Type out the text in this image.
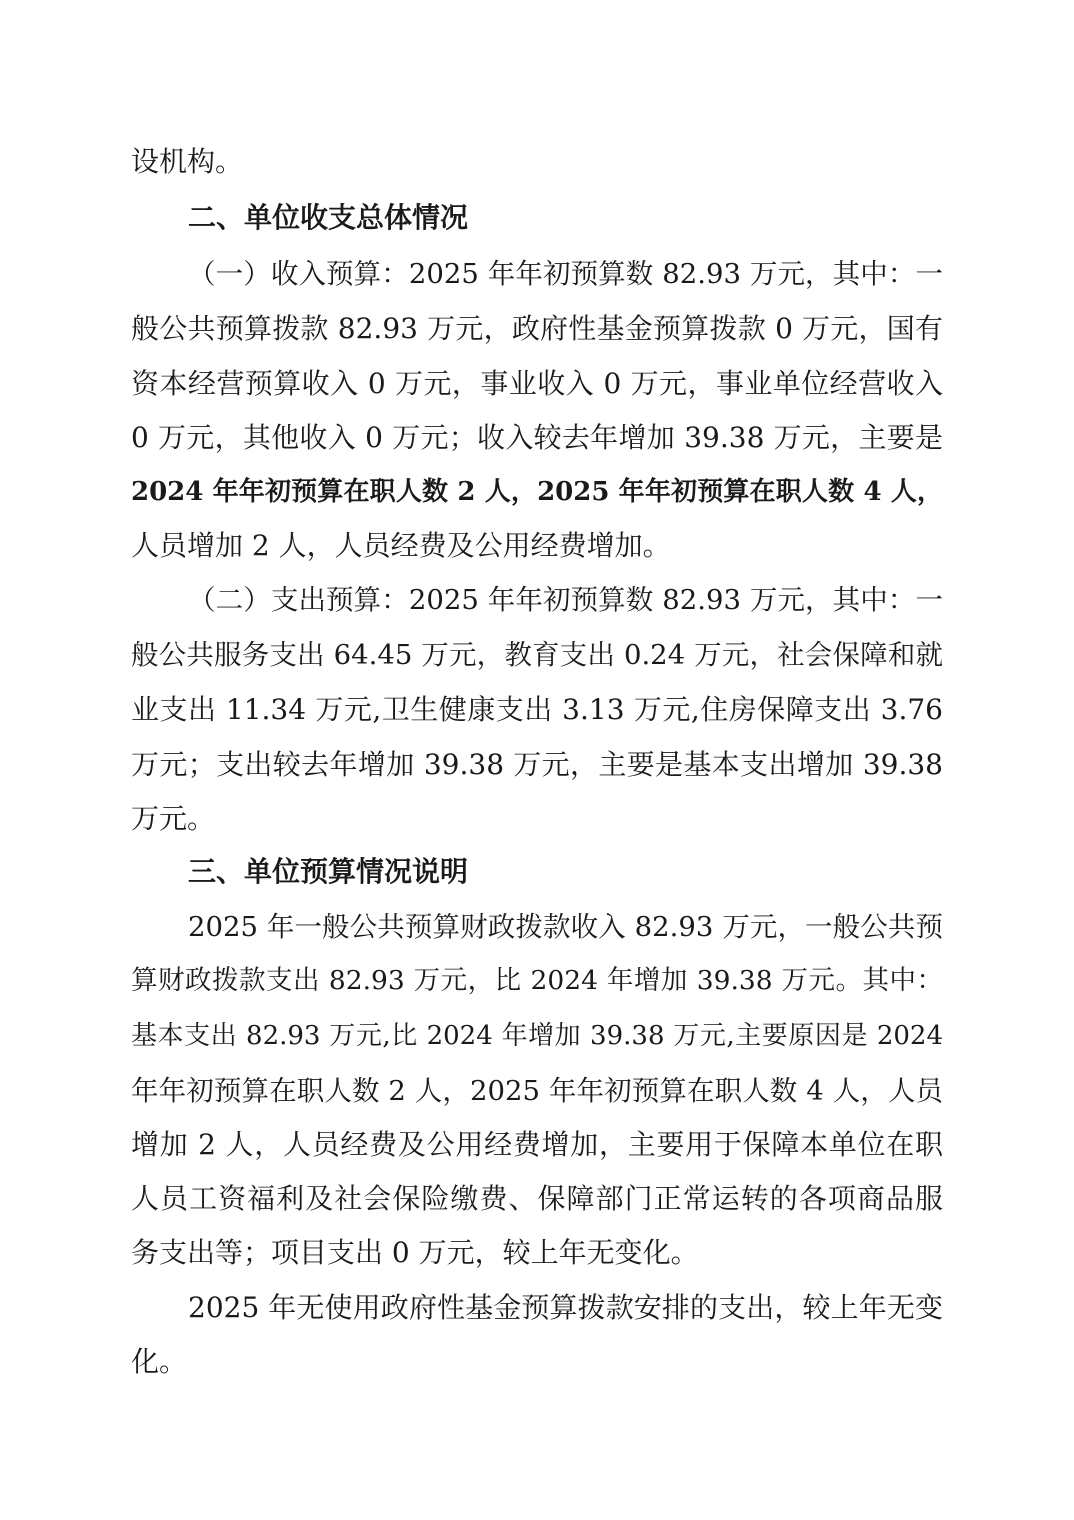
设机构。
二、单位收支总体情况
（一）收入预算：2025 年年初预算数 82.93 万元，其中：一
般公共预算拨款 82.93 万元，政府性基金预算拨款 0 万元，国有
资本经营预算收入 0 万元，事业收入 0 万元，事业单位经营收入
0 万元，其他收入 0 万元；收入较去年增加 39.38 万元，主要是
2024 年年初预算在职人数 2 人，2025 年年初预算在职人数 4 人，
人员增加 2 人，人员经费及公用经费增加。
（二）支出预算：2025 年年初预算数 82.93 万元，其中：一
般公共服务支出 64.45 万元，教育支出 0.24 万元，社会保障和就
业支出 11.34 万元,卫生健康支出 3.13 万元,住房保障支出 3.76
万元；支出较去年增加 39.38 万元，主要是基本支出增加 39.38
万元。
三、单位预算情况说明
2025 年一般公共预算财政拨款收入 82.93 万元，一般公共预
算财政拨款支出 82.93 万元，比 2024 年增加 39.38 万元。其中：
基本支出 82.93 万元,比 2024 年增加 39.38 万元,主要原因是 2024
年年初预算在职人数 2 人，2025 年年初预算在职人数 4 人，人员
增加 2 人，人员经费及公用经费增加，主要用于保障本单位在职
人员工资福利及社会保险缴费、保障部门正常运转的各项商品服
务支出等；项目支出 0 万元，较上年无变化。
2025 年无使用政府性基金预算拨款安排的支出，较上年无变
化。
